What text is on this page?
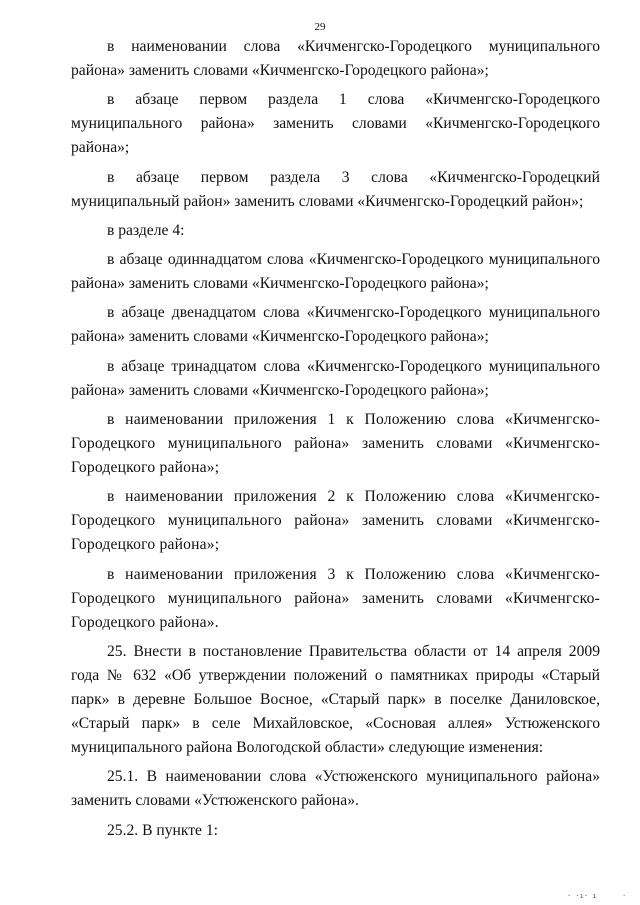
29

в наименовании слова «Кичменгско-Городецкого муниципального района» заменить словами «Кичменгско-Городецкого района»;

в абзаце первом раздела 1 слова «Кичменгско-Городецкого муниципального района» заменить словами «Кичменгско-Городецкого района»;

в абзаце первом раздела 3 слова «Кичменгско-Городецкий муниципальный район» заменить словами «Кичменгско-Городецкий район»;

в разделе 4:

в абзаце одиннадцатом слова «Кичменгско-Городецкого муниципального района» заменить словами «Кичменгско-Городецкого района»;

в абзаце двенадцатом слова «Кичменгско-Городецкого муниципального района» заменить словами «Кичменгско-Городецкого района»;

в абзаце тринадцатом слова «Кичменгско-Городецкого муниципального района» заменить словами «Кичменгско-Городецкого района»;

в наименовании приложения 1 к Положению слова «Кичменгско-Городецкого муниципального района» заменить словами «Кичменгско-Городецкого района»;

в наименовании приложения 2 к Положению слова «Кичменгско-Городецкого муниципального района» заменить словами «Кичменгско-Городецкого района»;

в наименовании приложения 3 к Положению слова «Кичменгско-Городецкого муниципального района» заменить словами «Кичменгско-Городецкого района».

25. Внести в постановление Правительства области от 14 апреля 2009 года № 632 «Об утверждении положений о памятниках природы «Старый парк» в деревне Большое Восное, «Старый парк» в поселке Даниловское, «Старый парк» в селе Михайловское, «Сосновая аллея» Устюженского муниципального района Вологодской области» следующие изменения:

25.1. В наименовании слова «Устюженского муниципального района» заменить словами «Устюженского района».

25.2. В пункте 1:

· ·ı· ı	·
